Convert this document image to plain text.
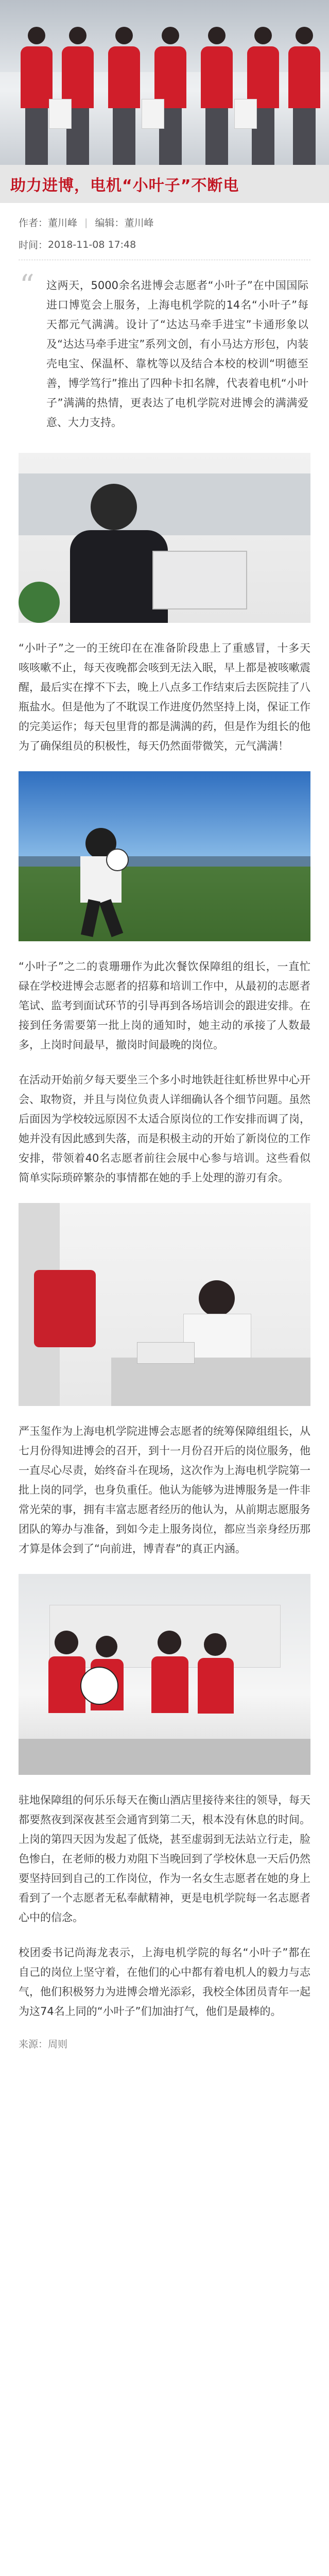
助力进博，电机“小叶子”不断电
作者： 董川峰 | 编辑： 董川峰
时间： 2018-11-08 17:48
“ 这两天，5000余名进博会志愿者“小叶子”在中国国际进口博览会上服务，上海电机学院的14名“小叶子”每天都元气满满。设计了“达达马牵手进宝”卡通形象以及“达达马牵手进宝”系列文创，有小马达方形包，内装壳电宝、保温杯、靠枕等以及结合本校的校训“明德至善，博学笃行”推出了四种卡扣名牌，代表着电机“小叶子”满满的热情，更表达了电机学院对进博会的满满爱意、大力支持。

“小叶子”之一的王统印在在准备阶段患上了重感冒，十多天咳咳嗽不止，每天夜晚都会咳到无法入眠，早上都是被咳嗽震醒，最后实在撑不下去，晚上八点多工作结束后去医院挂了八瓶盐水。但是他为了不耽误工作进度仍然坚持上岗，保证工作的完美运作；每天包里背的都是满满的药，但是作为组长的他为了确保组员的积极性，每天仍然面带微笑，元气满满！

“小叶子”之二的袁珊珊作为此次餐饮保障组的组长，一直忙碌在学校进博会志愿者的招募和培训工作中，从最初的志愿者笔试、监考到面试环节的引导再到各场培训会的跟进安排。在接到任务需要第一批上岗的通知时，她主动的承接了人数最多，上岗时间最早，撤岗时间最晚的岗位。

在活动开始前夕每天要坐三个多小时地铁赶往虹桥世界中心开会、取物资，并且与岗位负责人详细确认各个细节问题。虽然后面因为学校较远原因不太适合原岗位的工作安排而调了岗，她并没有因此感到失落，而是积极主动的开始了新岗位的工作安排，带领着40名志愿者前往会展中心参与培训。这些看似简单实际琐碎繁杂的事情都在她的手上处理的游刃有余。

严玉玺作为上海电机学院进博会志愿者的统筹保障组组长，从七月份得知进博会的召开，到十一月份召开后的岗位服务，他一直尽心尽责，始终奋斗在现场，这次作为上海电机学院第一批上岗的同学，也身负重任。他认为能够为进博服务是一件非常光荣的事，拥有丰富志愿者经历的他认为，从前期志愿服务团队的筹办与准备，到如今走上服务岗位，都应当亲身经历那才算是体会到了“向前进，博青春”的真正内涵。

驻地保障组的何乐乐每天在衡山酒店里接待来往的领导，每天都要熬夜到深夜甚至会通宵到第二天，根本没有休息的时间。上岗的第四天因为发起了低烧，甚至虚弱到无法站立行走，脸色惨白，在老师的极力劝阻下当晚回到了学校休息一天后仍然要坚持回到自己的工作岗位，作为一名女生志愿者在她的身上看到了一个志愿者无私奉献精神，更是电机学院每一名志愿者心中的信念。

校团委书记尚海龙表示，上海电机学院的每名“小叶子”都在自己的岗位上坚守着，在他们的心中都有着电机人的毅力与志气，他们积极努力为进博会增光添彩，我校全体团员青年一起为这74名上同的“小叶子”们加油打气，他们是最棒的。

来源：周则
